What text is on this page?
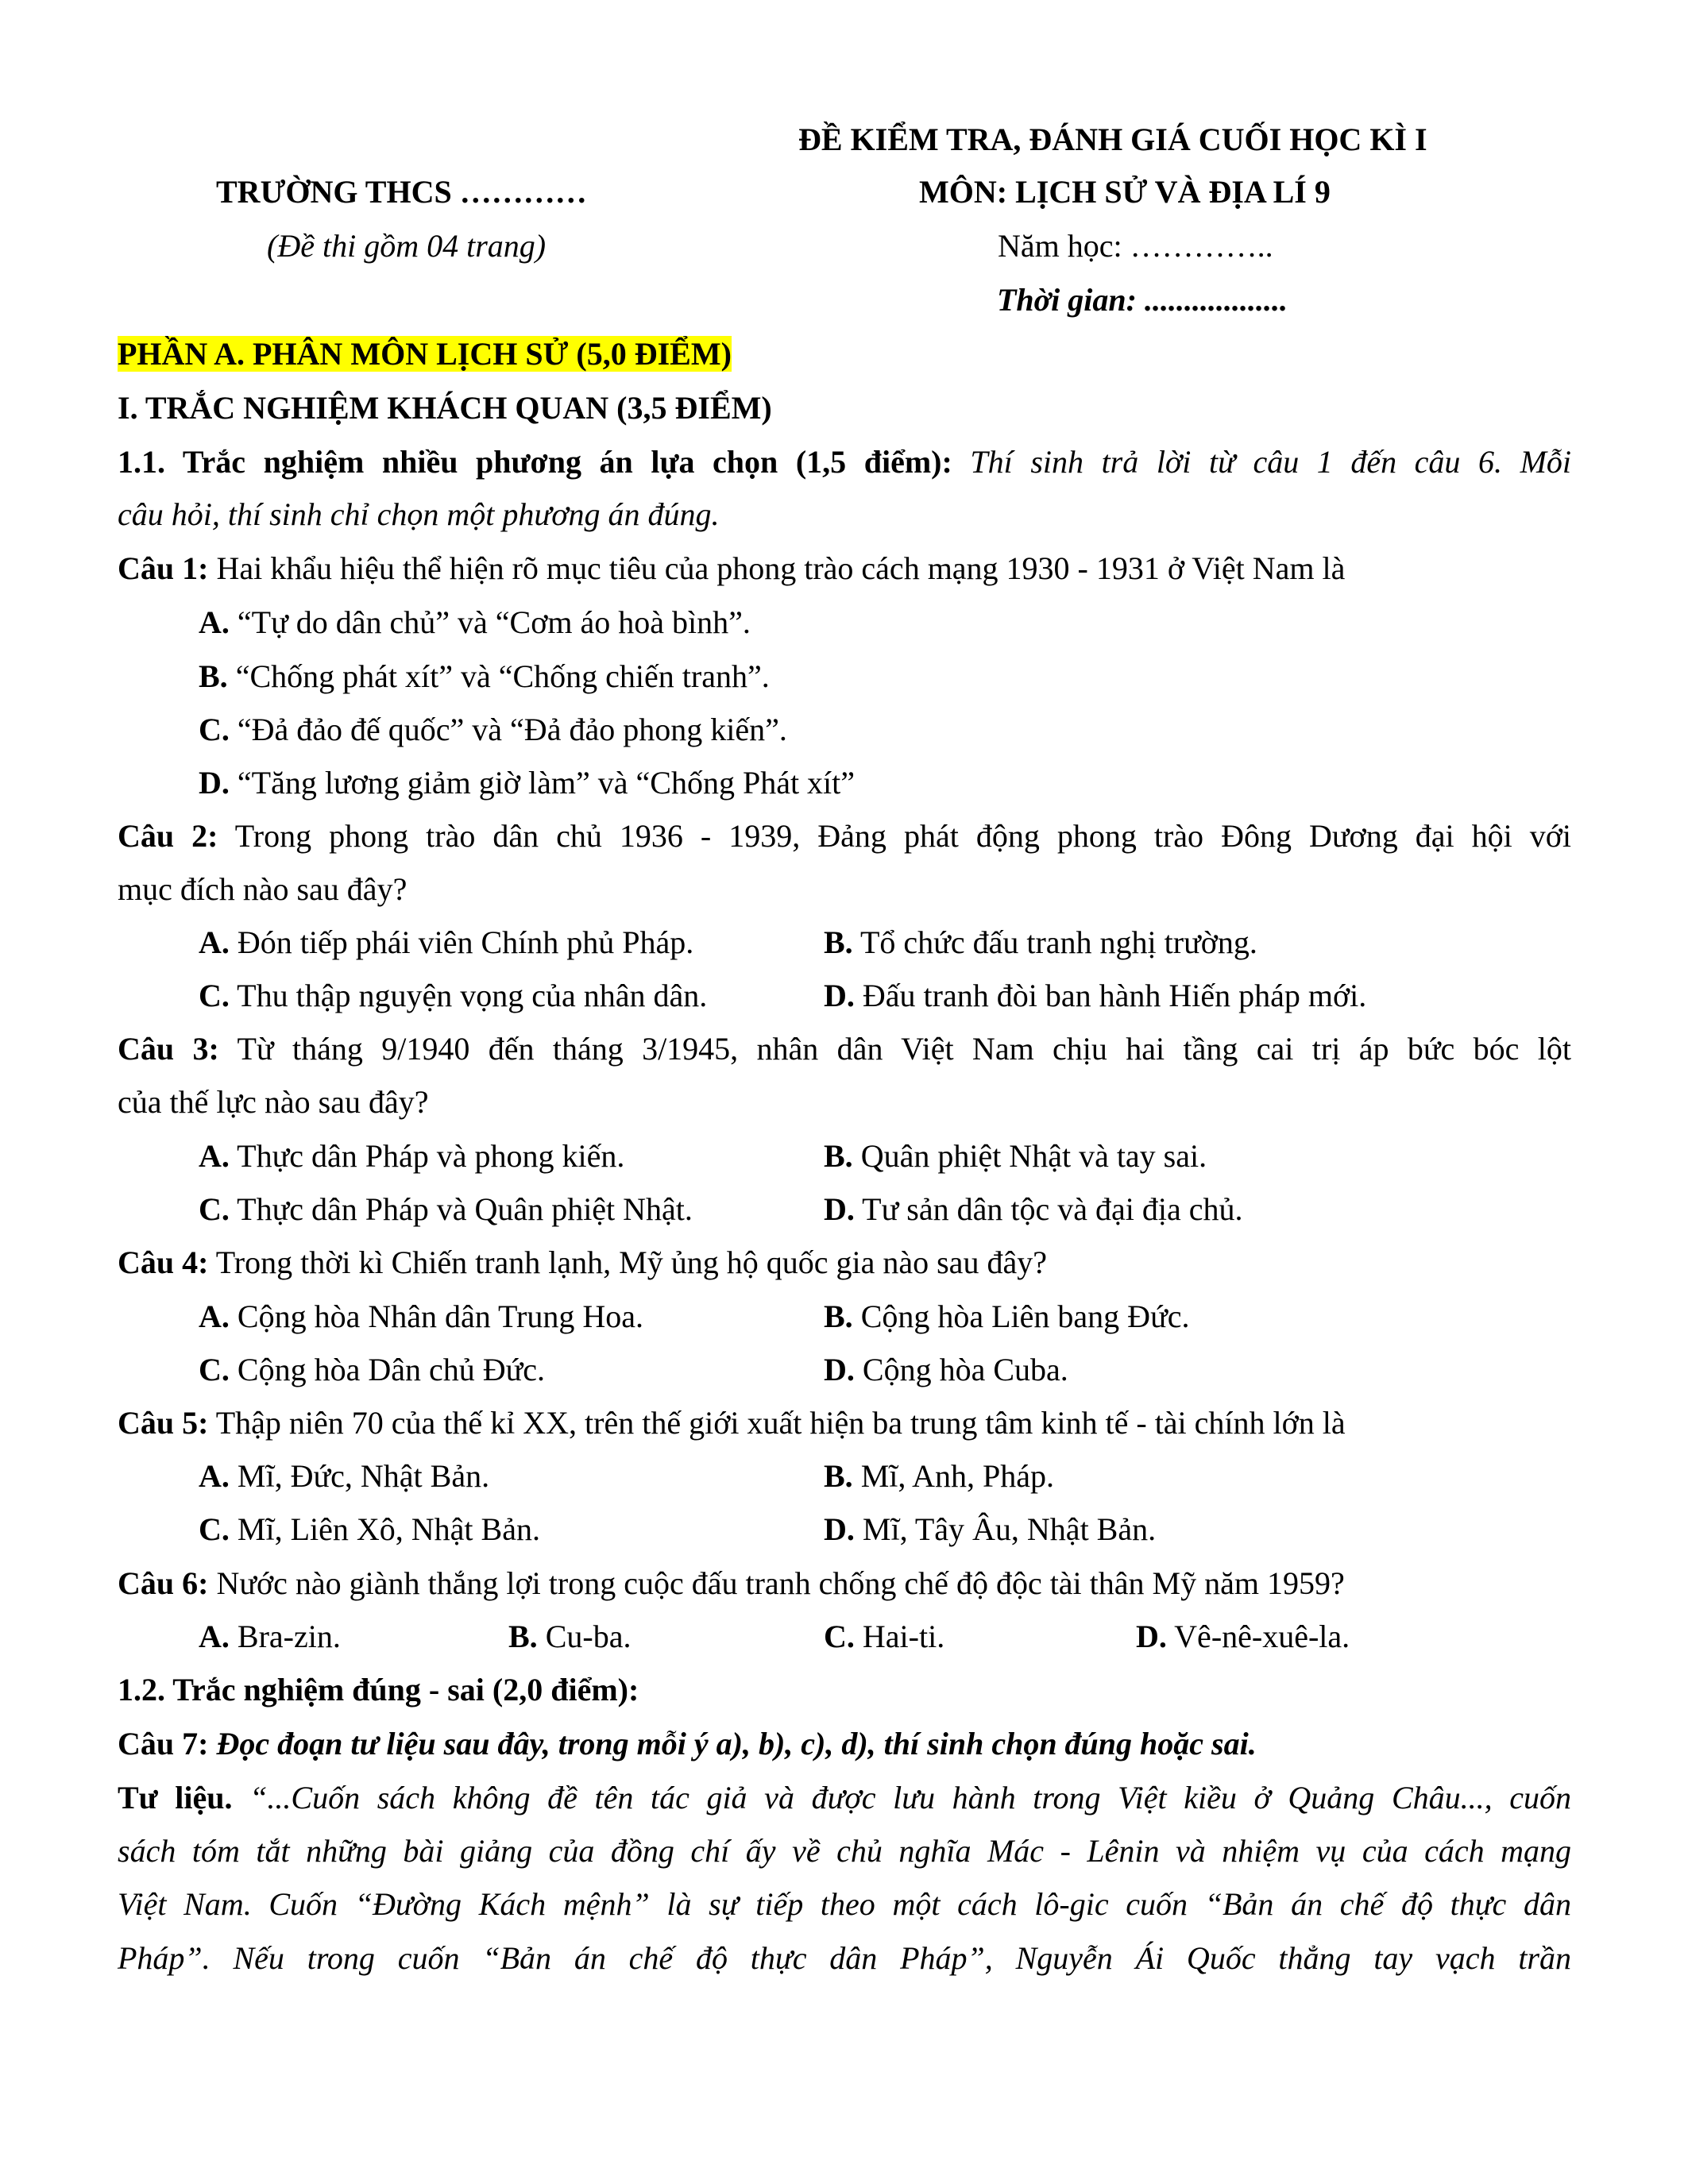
ĐỀ KIỂM TRA, ĐÁNH GIÁ CUỐI HỌC KÌ I
TRƯỜNG THCS …………	MÔN: LỊCH SỬ VÀ ĐỊA LÍ 9
(Đề thi gồm 04 trang)	Năm học: …………..
Thời gian: ..................
PHẦN A. PHÂN MÔN LỊCH SỬ (5,0 ĐIỂM)
I. TRẮC NGHIỆM KHÁCH QUAN (3,5 ĐIỂM)
1.1. Trắc nghiệm nhiều phương án lựa chọn (1,5 điểm): Thí sinh trả lời từ câu 1 đến câu 6. Mỗi
câu hỏi, thí sinh chỉ chọn một phương án đúng.
Câu 1: Hai khẩu hiệu thể hiện rõ mục tiêu của phong trào cách mạng 1930 - 1931 ở Việt Nam là
A. “Tự do dân chủ” và “Cơm áo hoà bình”.
B. “Chống phát xít” và “Chống chiến tranh”.
C. “Đả đảo đế quốc” và “Đả đảo phong kiến”.
D. “Tăng lương giảm giờ làm” và “Chống Phát xít”
Câu 2: Trong phong trào dân chủ 1936 - 1939, Đảng phát động phong trào Đông Dương đại hội với
mục đích nào sau đây?
A. Đón tiếp phái viên Chính phủ Pháp.	B. Tổ chức đấu tranh nghị trường.
C. Thu thập nguyện vọng của nhân dân.	D. Đấu tranh đòi ban hành Hiến pháp mới.
Câu 3: Từ tháng 9/1940 đến tháng 3/1945, nhân dân Việt Nam chịu hai tầng cai trị áp bức bóc lột
của thế lực nào sau đây?
A. Thực dân Pháp và phong kiến.	B. Quân phiệt Nhật và tay sai.
C. Thực dân Pháp và Quân phiệt Nhật.	D. Tư sản dân tộc và đại địa chủ.
Câu 4: Trong thời kì Chiến tranh lạnh, Mỹ ủng hộ quốc gia nào sau đây?
A. Cộng hòa Nhân dân Trung Hoa.	B. Cộng hòa Liên bang Đức.
C. Cộng hòa Dân chủ Đức.	D. Cộng hòa Cuba.
Câu 5: Thập niên 70 của thế kỉ XX, trên thế giới xuất hiện ba trung tâm kinh tế - tài chính lớn là
A. Mĩ, Đức, Nhật Bản.	B. Mĩ, Anh, Pháp.
C. Mĩ, Liên Xô, Nhật Bản.	D. Mĩ, Tây Âu, Nhật Bản.
Câu 6: Nước nào giành thắng lợi trong cuộc đấu tranh chống chế độ độc tài thân Mỹ năm 1959?
A. Bra-zin.	B. Cu-ba.	C. Hai-ti.	D. Vê-nê-xuê-la.
1.2. Trắc nghiệm đúng - sai (2,0 điểm):
Câu 7: Đọc đoạn tư liệu sau đây, trong mỗi ý a), b), c), d), thí sinh chọn đúng hoặc sai.
Tư liệu. “...Cuốn sách không đề tên tác giả và được lưu hành trong Việt kiều ở Quảng Châu..., cuốn
sách tóm tắt những bài giảng của đồng chí ấy về chủ nghĩa Mác - Lênin và nhiệm vụ của cách mạng
Việt Nam. Cuốn “Đường Kách mệnh” là sự tiếp theo một cách lô-gic cuốn “Bản án chế độ thực dân
Pháp”. Nếu trong cuốn “Bản án chế độ thực dân Pháp”, Nguyễn Ái Quốc thẳng tay vạch trần
